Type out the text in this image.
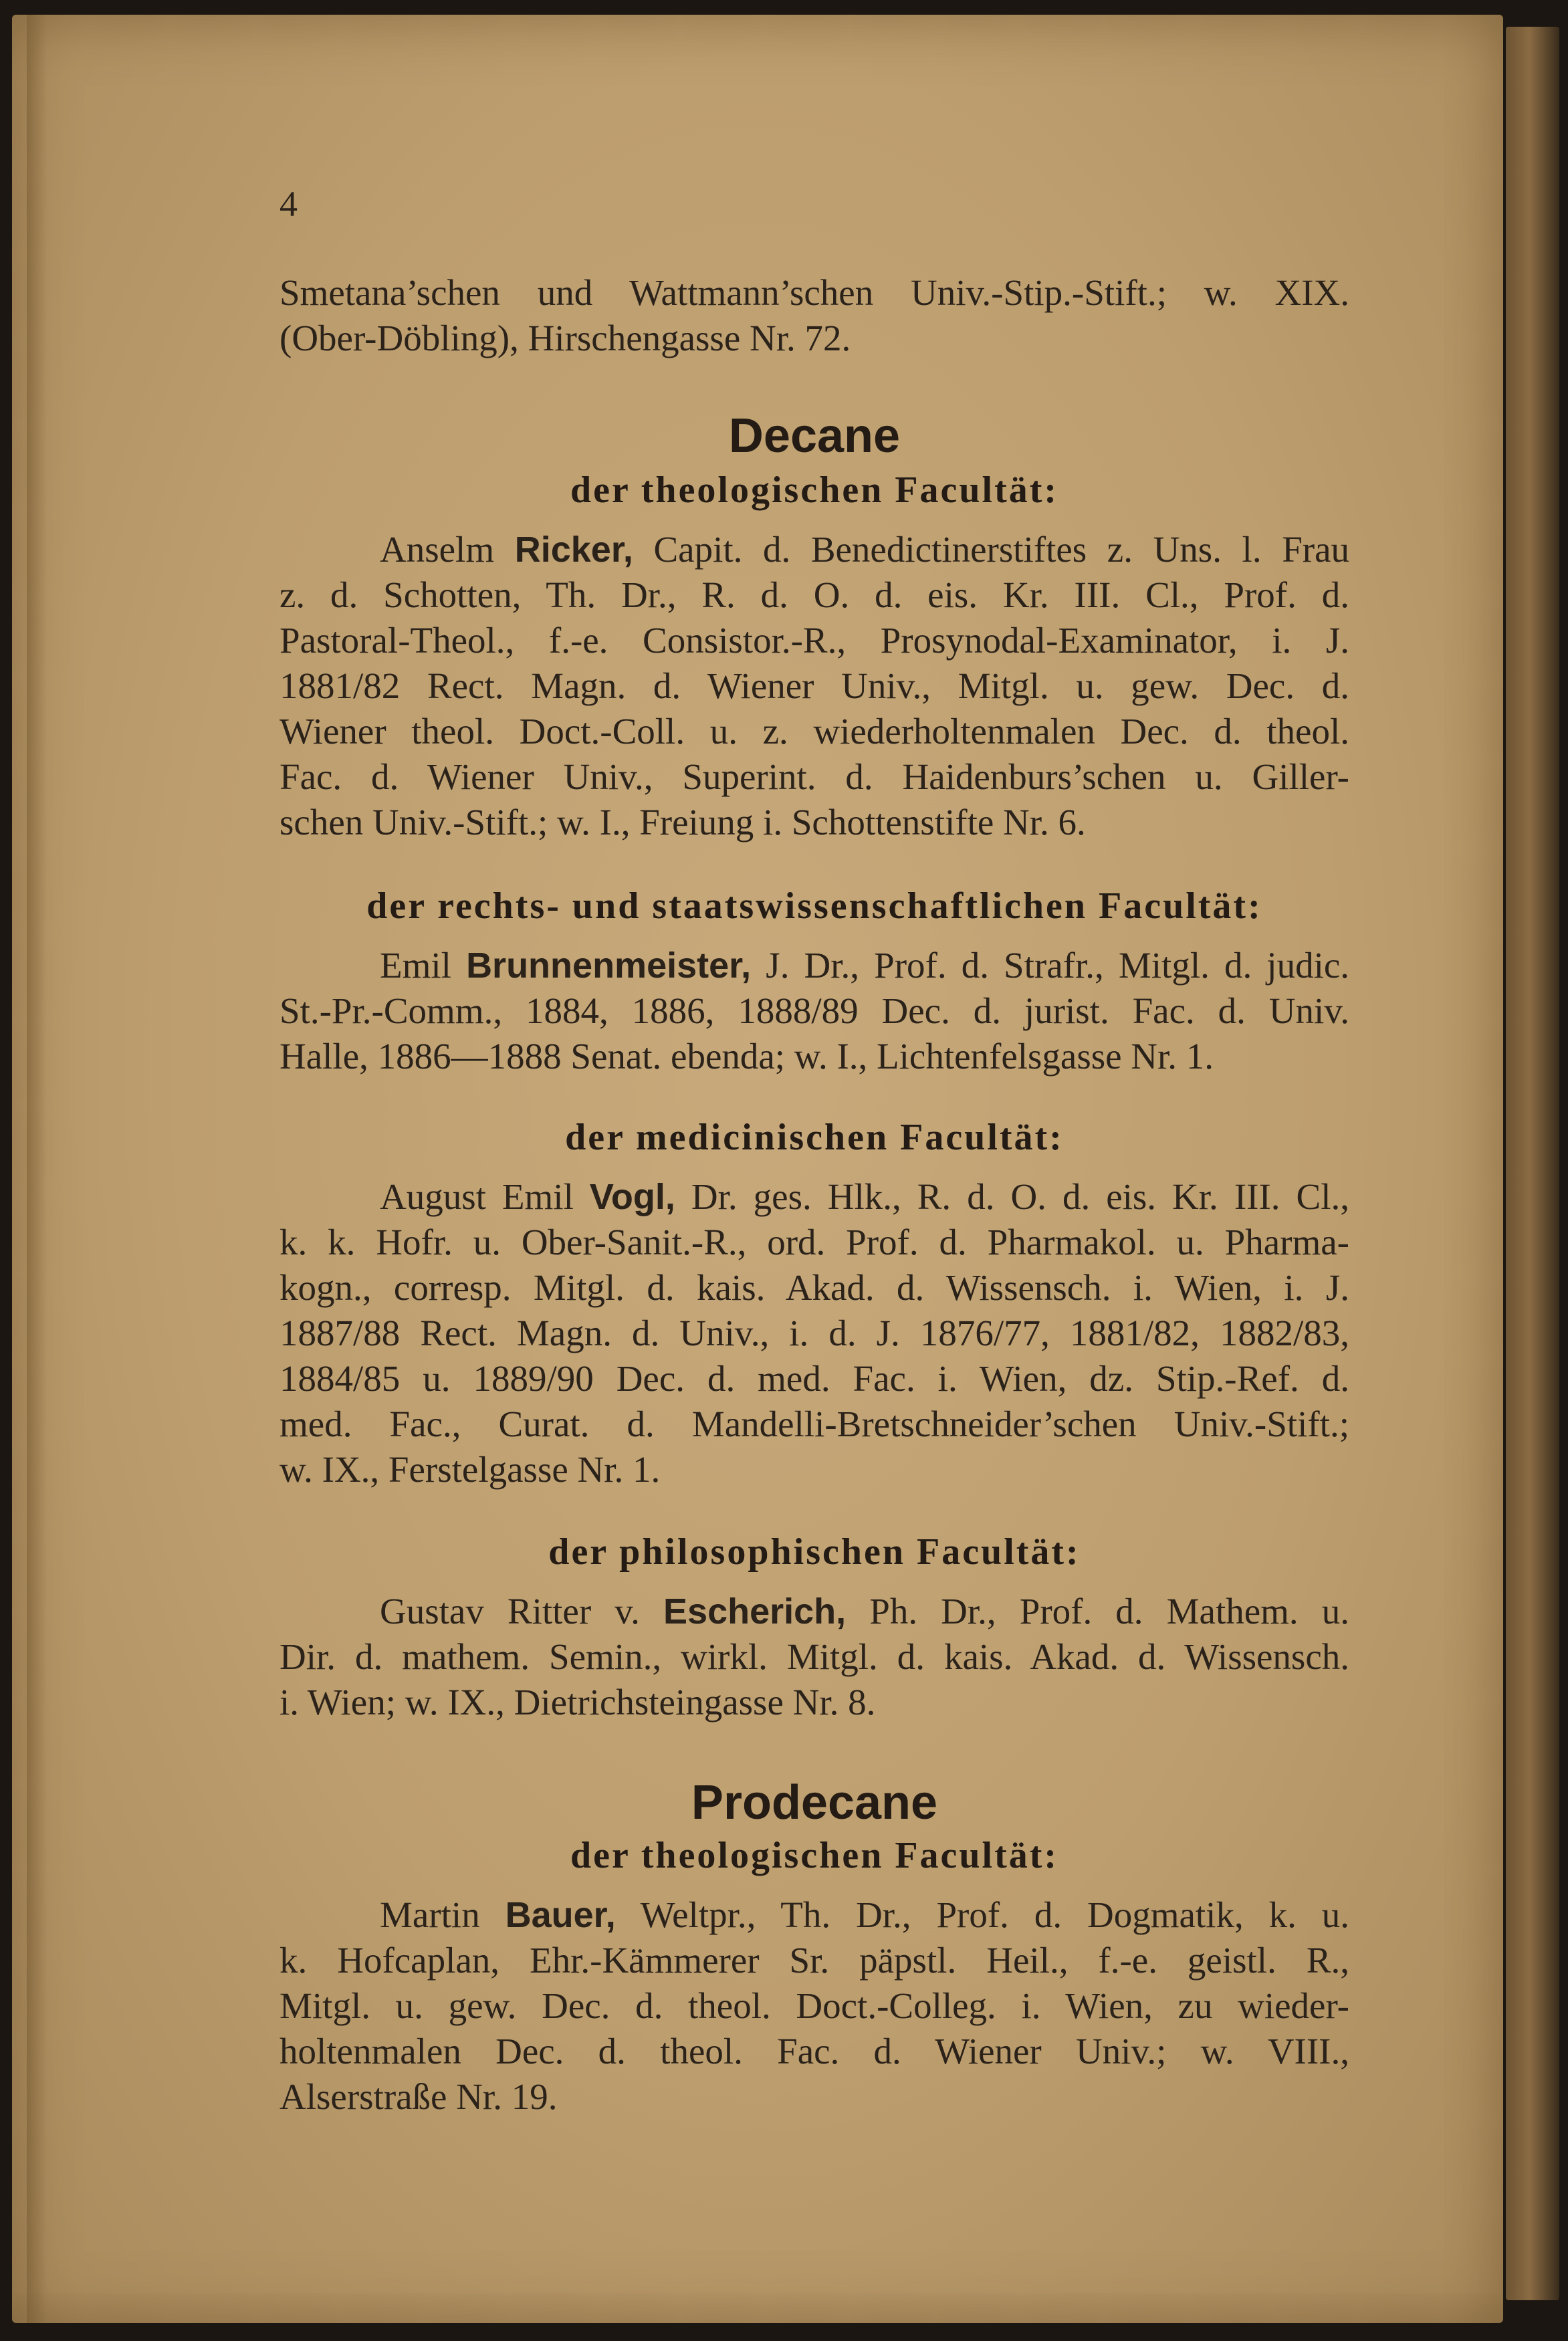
4
Smetana’schen und Wattmann’schen Univ.-Stip.-Stift.; w. XIX.
(Ober-Döbling), Hirschengasse Nr. 72.
Decane
der theologischen Facultät:
Anselm Ricker, Capit. d. Benedictinerstiftes z. Uns. l. Frau
z. d. Schotten, Th. Dr., R. d. O. d. eis. Kr. III. Cl., Prof. d.
Pastoral-Theol., f.-e. Consistor.-R., Prosynodal-Examinator, i. J.
1881/82 Rect. Magn. d. Wiener Univ., Mitgl. u. gew. Dec. d.
Wiener theol. Doct.-Coll. u. z. wiederholtenmalen Dec. d. theol.
Fac. d. Wiener Univ., Superint. d. Haidenburs’schen u. Giller-
schen Univ.-Stift.; w. I., Freiung i. Schottenstifte Nr. 6.
der rechts- und staatswissenschaftlichen Facultät:
Emil Brunnenmeister, J. Dr., Prof. d. Strafr., Mitgl. d. judic.
St.-Pr.-Comm., 1884, 1886, 1888/89 Dec. d. jurist. Fac. d. Univ.
Halle, 1886—1888 Senat. ebenda; w. I., Lichtenfelsgasse Nr. 1.
der medicinischen Facultät:
August Emil Vogl, Dr. ges. Hlk., R. d. O. d. eis. Kr. III. Cl.,
k. k. Hofr. u. Ober-Sanit.-R., ord. Prof. d. Pharmakol. u. Pharma-
kogn., corresp. Mitgl. d. kais. Akad. d. Wissensch. i. Wien, i. J.
1887/88 Rect. Magn. d. Univ., i. d. J. 1876/77, 1881/82, 1882/83,
1884/85 u. 1889/90 Dec. d. med. Fac. i. Wien, dz. Stip.-Ref. d.
med. Fac., Curat. d. Mandelli-Bretschneider’schen Univ.-Stift.;
w. IX., Ferstelgasse Nr. 1.
der philosophischen Facultät:
Gustav Ritter v. Escherich, Ph. Dr., Prof. d. Mathem. u.
Dir. d. mathem. Semin., wirkl. Mitgl. d. kais. Akad. d. Wissensch.
i. Wien; w. IX., Dietrichsteingasse Nr. 8.
Prodecane
der theologischen Facultät:
Martin Bauer, Weltpr., Th. Dr., Prof. d. Dogmatik, k. u.
k. Hofcaplan, Ehr.-Kämmerer Sr. päpstl. Heil., f.-e. geistl. R.,
Mitgl. u. gew. Dec. d. theol. Doct.-Colleg. i. Wien, zu wieder-
holtenmalen Dec. d. theol. Fac. d. Wiener Univ.; w. VIII.,
Alserstraße Nr. 19.
